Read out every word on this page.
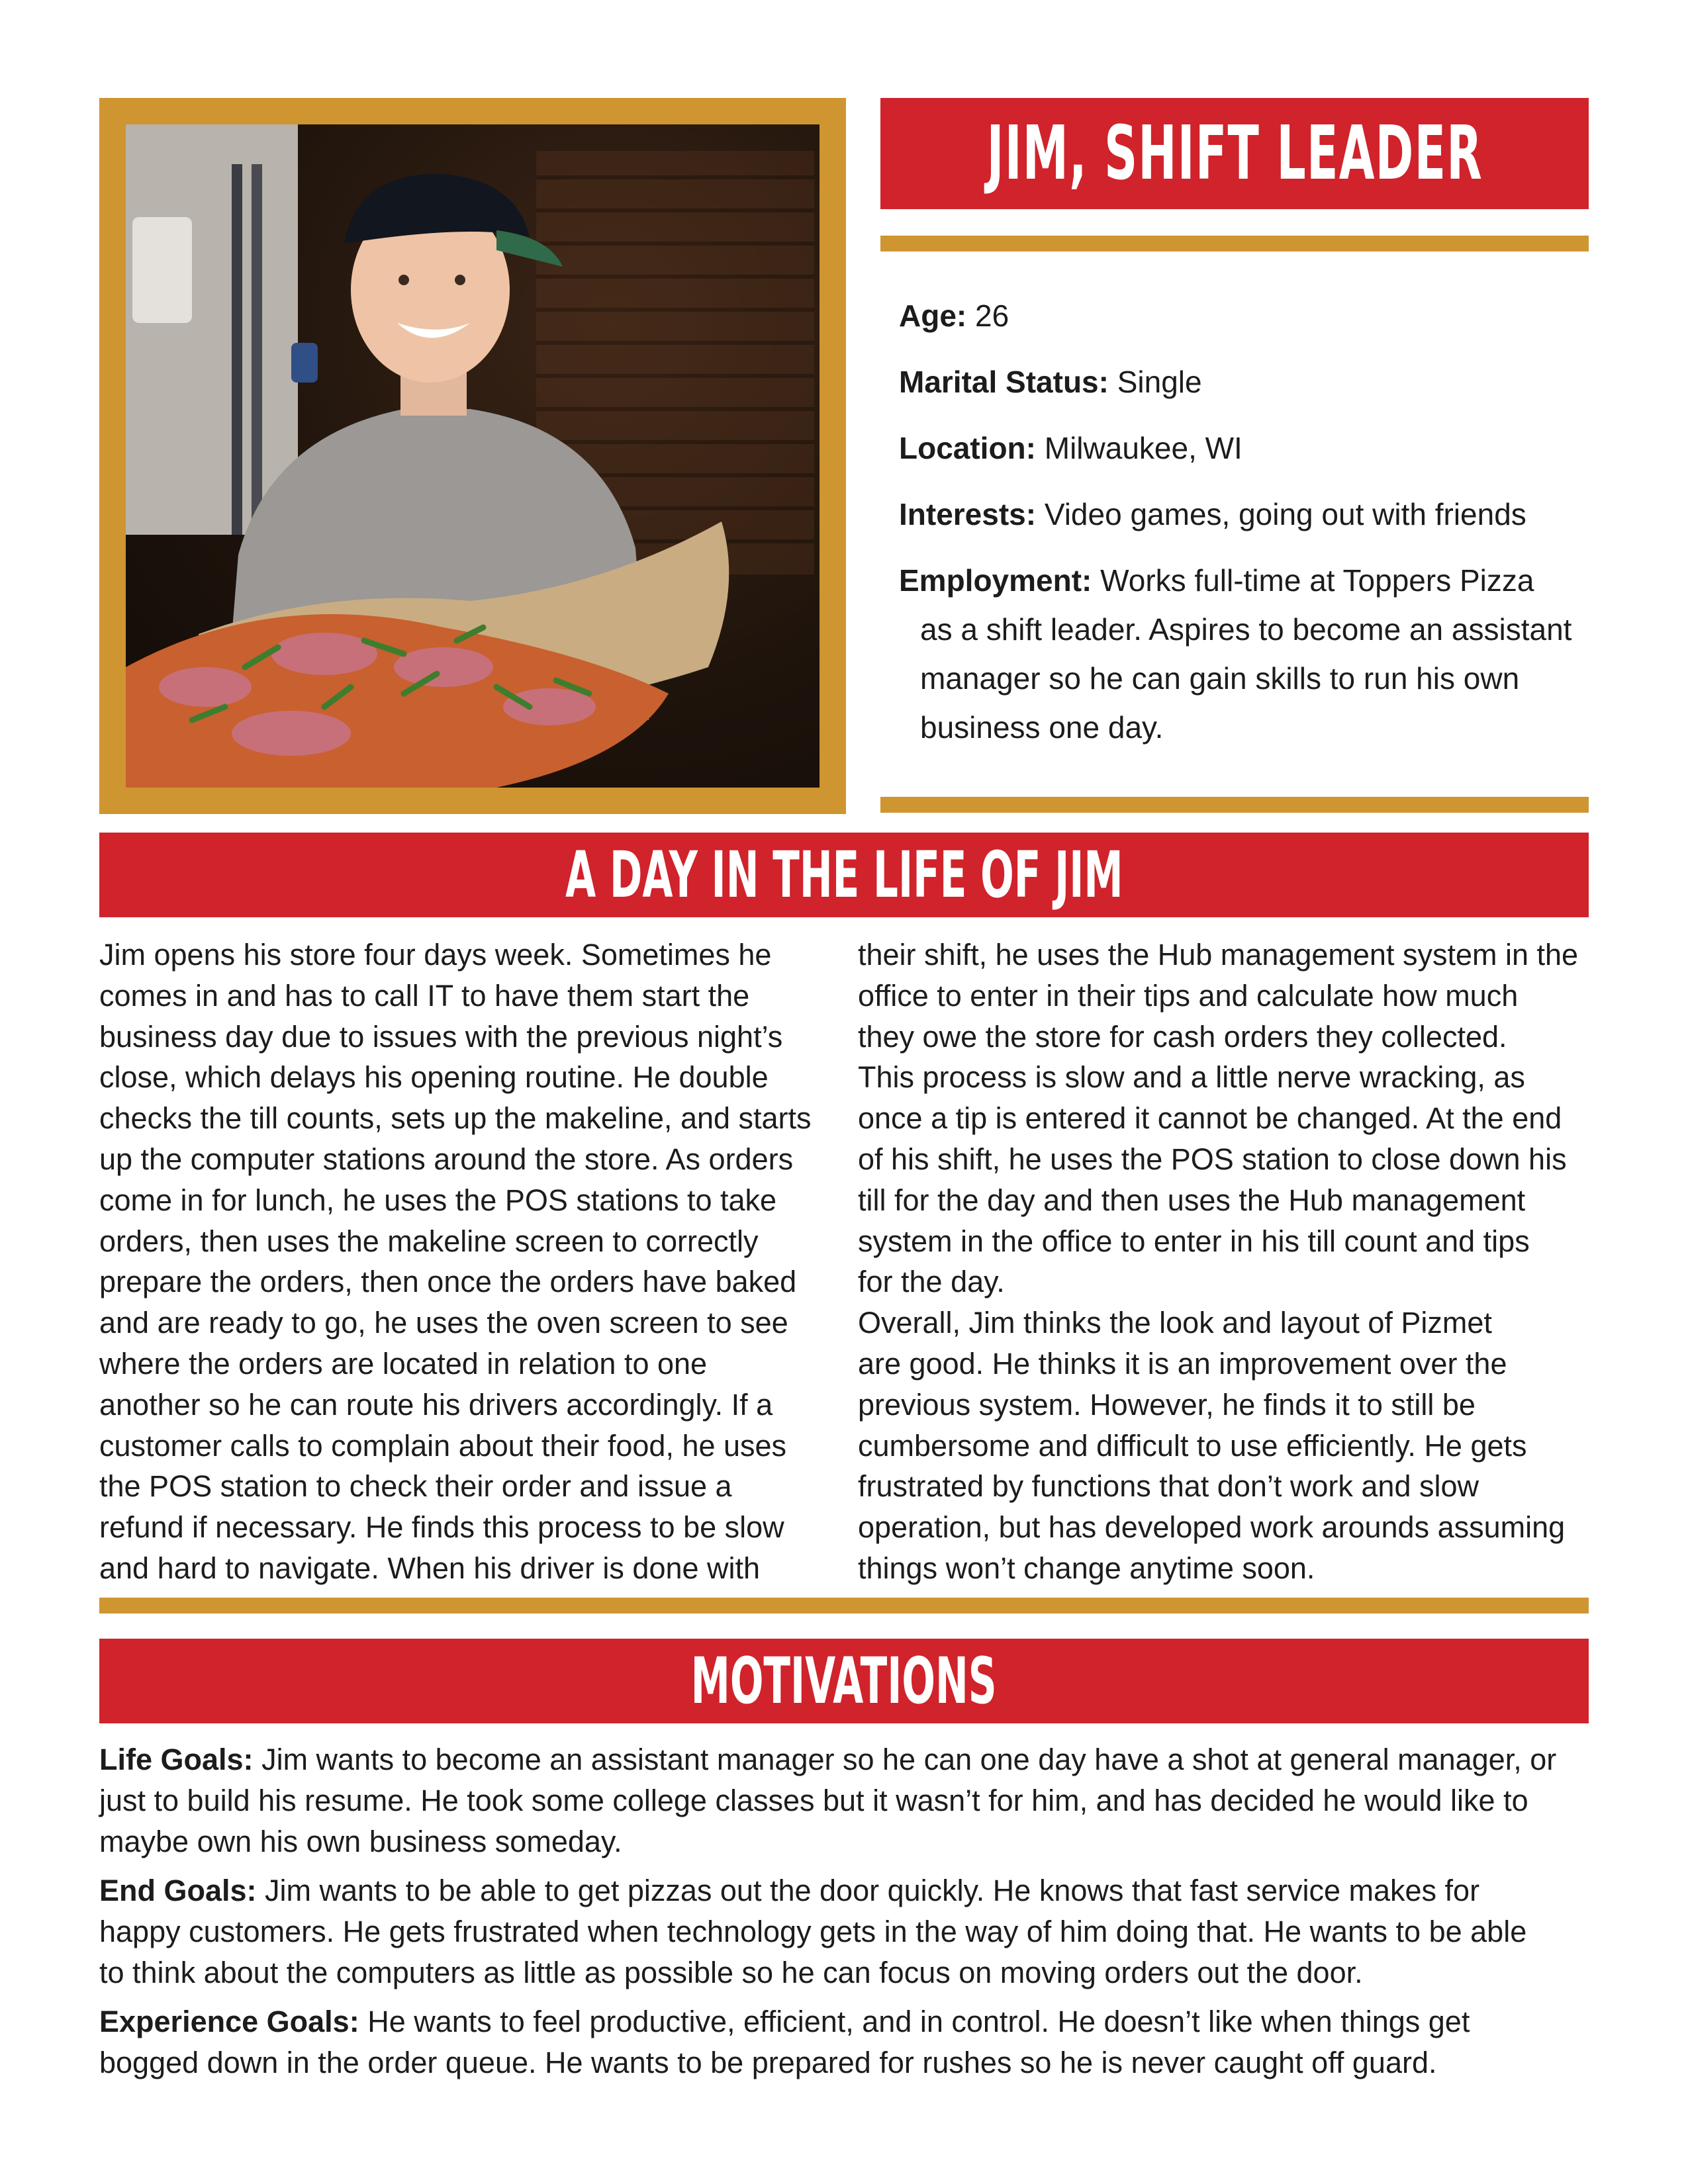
JIM, SHIFT LEADER
Age: 26
Marital Status: Single
Location: Milwaukee, WI
Interests: Video games, going out with friends
Employment: Works full-time at Toppers Pizza
as a shift leader. Aspires to become an assistant
manager so he can gain skills to run his own
business one day.
A DAY IN THE LIFE OF JIM
Jim opens his store four days week. Sometimes he
comes in and has to call IT to have them start the
business day due to issues with the previous night’s
close, which delays his opening routine. He double
checks the till counts, sets up the makeline, and starts
up the computer stations around the store. As orders
come in for lunch, he uses the POS stations to take
orders, then uses the makeline screen to correctly
prepare the orders, then once the orders have baked
and are ready to go, he uses the oven screen to see
where the orders are located in relation to one
another so he can route his drivers accordingly. If a
customer calls to complain about their food, he uses
the POS station to check their order and issue a
refund if necessary. He finds this process to be slow
and hard to navigate. When his driver is done with
their shift, he uses the Hub management system in the
office to enter in their tips and calculate how much
they owe the store for cash orders they collected.
This process is slow and a little nerve wracking, as
once a tip is entered it cannot be changed. At the end
of his shift, he uses the POS station to close down his
till for the day and then uses the Hub management
system in the office to enter in his till count and tips
for the day.
Overall, Jim thinks the look and layout of Pizmet
are good. He thinks it is an improvement over the
previous system. However, he finds it to still be
cumbersome and difficult to use efficiently. He gets
frustrated by functions that don’t work and slow
operation, but has developed work arounds assuming
things won’t change anytime soon.
MOTIVATIONS

Life Goals: Jim wants to become an assistant manager so he can one day have a shot at general manager, or
just to build his resume. He took some college classes but it wasn’t for him, and has decided he would like to
maybe own his own business someday.

End Goals: Jim wants to be able to get pizzas out the door quickly. He knows that fast service makes for
happy customers. He gets frustrated when technology gets in the way of him doing that. He wants to be able
to think about the computers as little as possible so he can focus on moving orders out the door.

Experience Goals: He wants to feel productive, efficient, and in control. He doesn’t like when things get
bogged down in the order queue. He wants to be prepared for rushes so he is never caught off guard.
